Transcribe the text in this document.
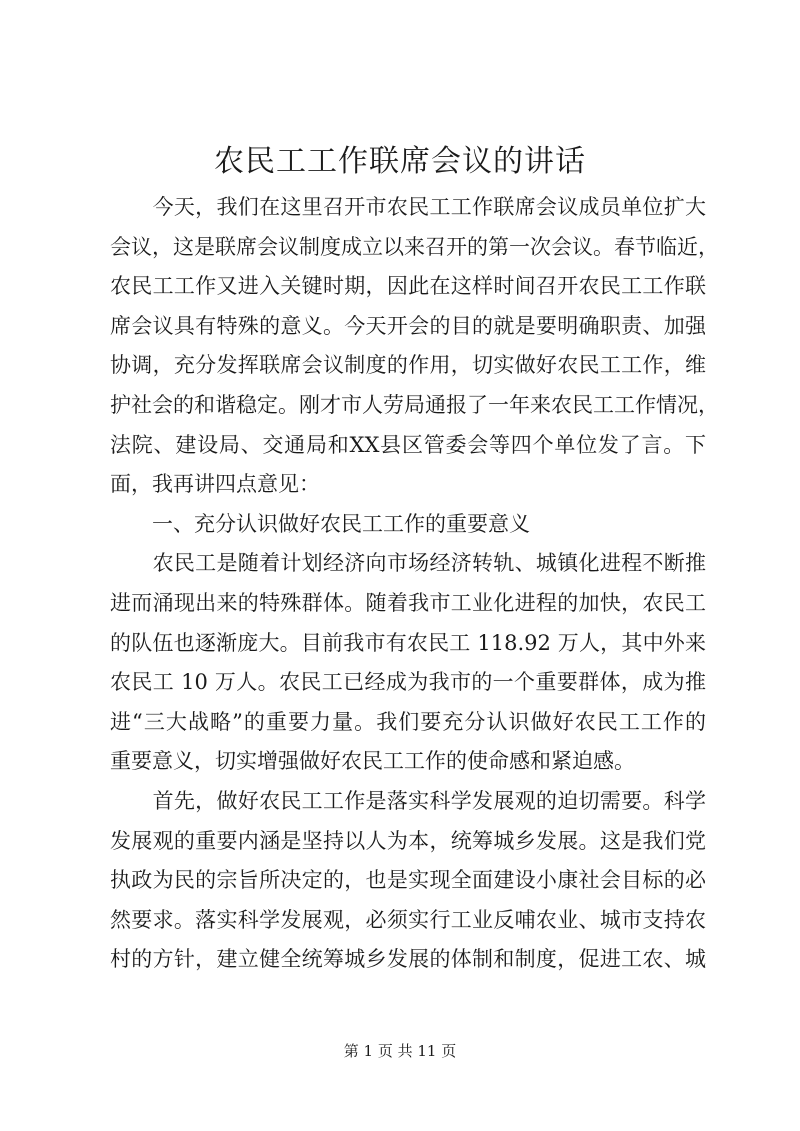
农民工工作联席会议的讲话
　　今天，我们在这里召开市农民工工作联席会议成员单位扩大
会议，这是联席会议制度成立以来召开的第一次会议。春节临近，
农民工工作又进入关键时期，因此在这样时间召开农民工工作联
席会议具有特殊的意义。今天开会的目的就是要明确职责、加强
协调，充分发挥联席会议制度的作用，切实做好农民工工作，维
护社会的和谐稳定。刚才市人劳局通报了一年来农民工工作情况，
法院、建设局、交通局和XX县区管委会等四个单位发了言。下
面，我再讲四点意见：
　　一、充分认识做好农民工工作的重要意义
　　农民工是随着计划经济向市场经济转轨、城镇化进程不断推
进而涌现出来的特殊群体。随着我市工业化进程的加快，农民工
的队伍也逐渐庞大。目前我市有农民工 118.92 万人，其中外来
农民工 10 万人。农民工已经成为我市的一个重要群体，成为推
进“三大战略”的重要力量。我们要充分认识做好农民工工作的
重要意义，切实增强做好农民工工作的使命感和紧迫感。
　　首先，做好农民工工作是落实科学发展观的迫切需要。科学
发展观的重要内涵是坚持以人为本，统筹城乡发展。这是我们党
执政为民的宗旨所决定的，也是实现全面建设小康社会目标的必
然要求。落实科学发展观，必须实行工业反哺农业、城市支持农
村的方针，建立健全统筹城乡发展的体制和制度，促进工农、城
第 1 页 共 11 页
